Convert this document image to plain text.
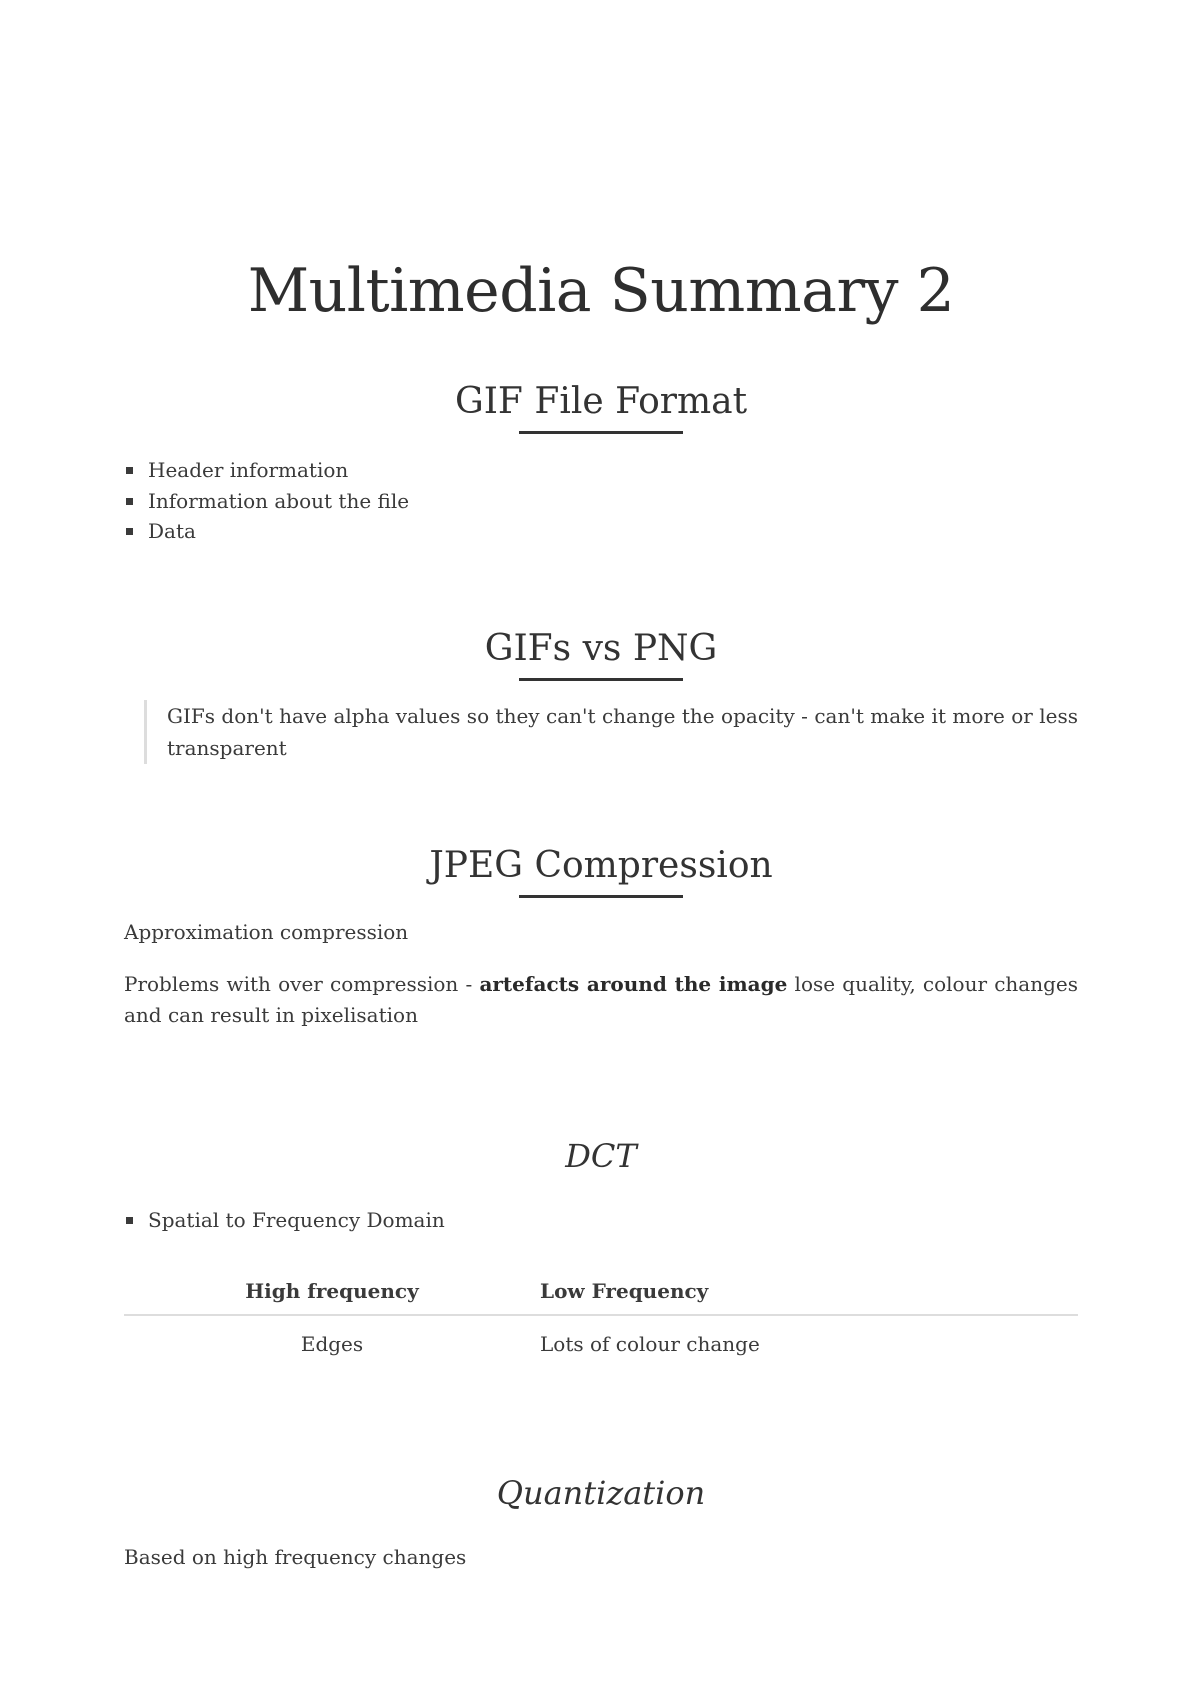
Multimedia Summary 2
GIF File Format
Header information
Information about the file
Data
GIFs vs PNG
GIFs don't have alpha values so they can't change the opacity - can't make it more or less transparent
JPEG Compression

Approximation compression

Problems with over compression - artefacts around the image lose quality, colour changes and can result in pixelisation

DCT
Spatial to Frequency Domain
High frequency	Low Frequency
Edges	Lots of colour change
Quantization

Based on high frequency changes
